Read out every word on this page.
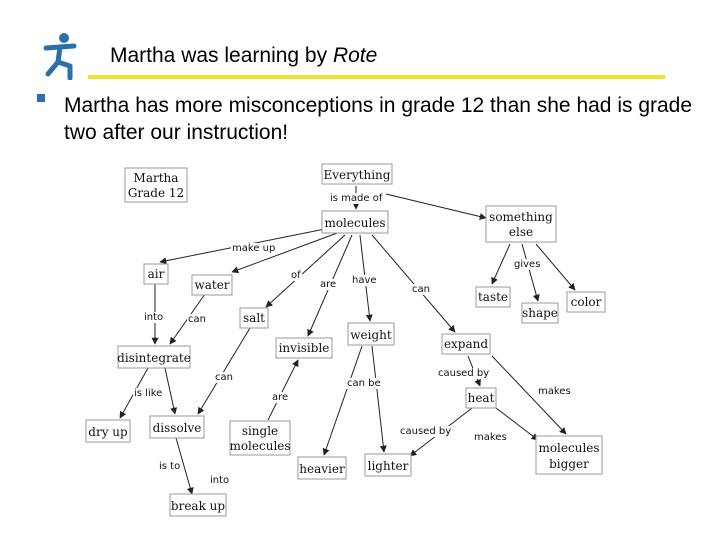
Martha was learning by Rote
Martha has more misconceptions in grade 12 than she had is grade two after our instruction!
is made of
make up
of
are have
can
gives
into can
can
can be
caused by
makes
is like	are
caused by
makes
is to
into
Martha
Grade 12
Everything
molecules	something
else
air
water
salt
taste
shape
color
weight
invisible	expand
disintegrate
heat
dry up dissolve	single
molecules
heavier lighter
molecules
bigger
break up
